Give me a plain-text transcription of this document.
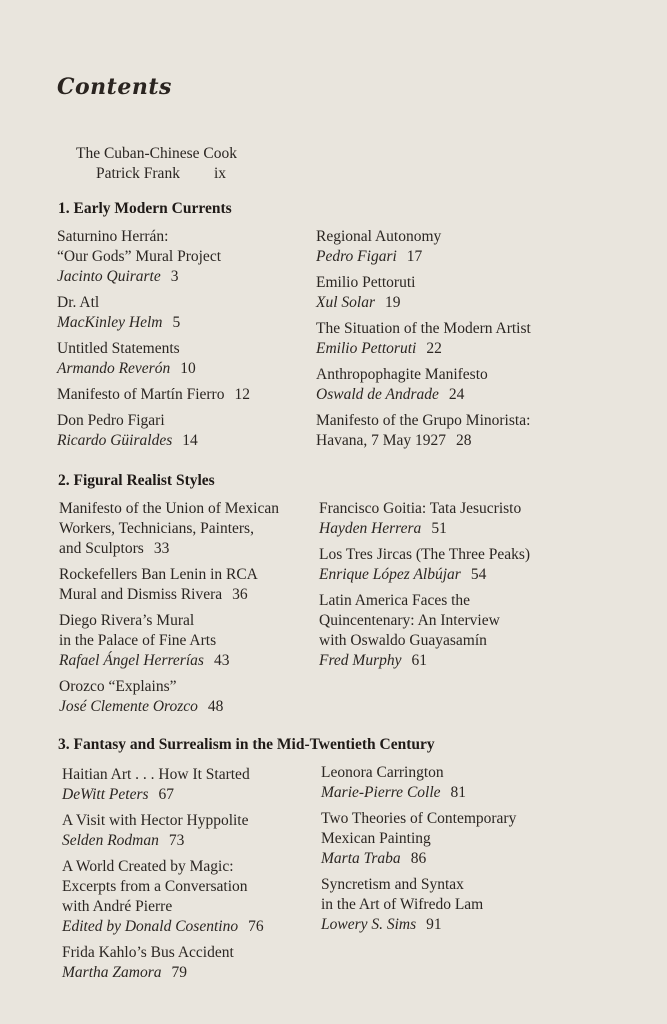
Contents
The Cuban-Chinese Cook
Patrick Frank ix
1. Early Modern Currents
Saturnino Herrán:
“Our Gods” Mural Project
Jacinto Quirarte 3
Dr. Atl
MacKinley Helm 5
Untitled Statements
Armando Reverón 10
Manifesto of Martín Fierro 12
Don Pedro Figari
Ricardo Güiraldes 14
Regional Autonomy
Pedro Figari 17
Emilio Pettoruti
Xul Solar 19
The Situation of the Modern Artist
Emilio Pettoruti 22
Anthropophagite Manifesto
Oswald de Andrade 24
Manifesto of the Grupo Minorista:
Havana, 7 May 1927 28
2. Figural Realist Styles
Manifesto of the Union of Mexican
Workers, Technicians, Painters,
and Sculptors 33
Rockefellers Ban Lenin in RCA
Mural and Dismiss Rivera 36
Diego Rivera’s Mural
in the Palace of Fine Arts
Rafael Ángel Herrerías 43
Orozco “Explains”
José Clemente Orozco 48
Francisco Goitia: Tata Jesucristo
Hayden Herrera 51
Los Tres Jircas (The Three Peaks)
Enrique López Albújar 54
Latin America Faces the
Quincentenary: An Interview
with Oswaldo Guayasamín
Fred Murphy 61
3. Fantasy and Surrealism in the Mid-Twentieth Century
Haitian Art . . . How It Started
DeWitt Peters 67
A Visit with Hector Hyppolite
Selden Rodman 73
A World Created by Magic:
Excerpts from a Conversation
with André Pierre
Edited by Donald Cosentino 76
Frida Kahlo’s Bus Accident
Martha Zamora 79
Leonora Carrington
Marie-Pierre Colle 81
Two Theories of Contemporary
Mexican Painting
Marta Traba 86
Syncretism and Syntax
in the Art of Wifredo Lam
Lowery S. Sims 91
